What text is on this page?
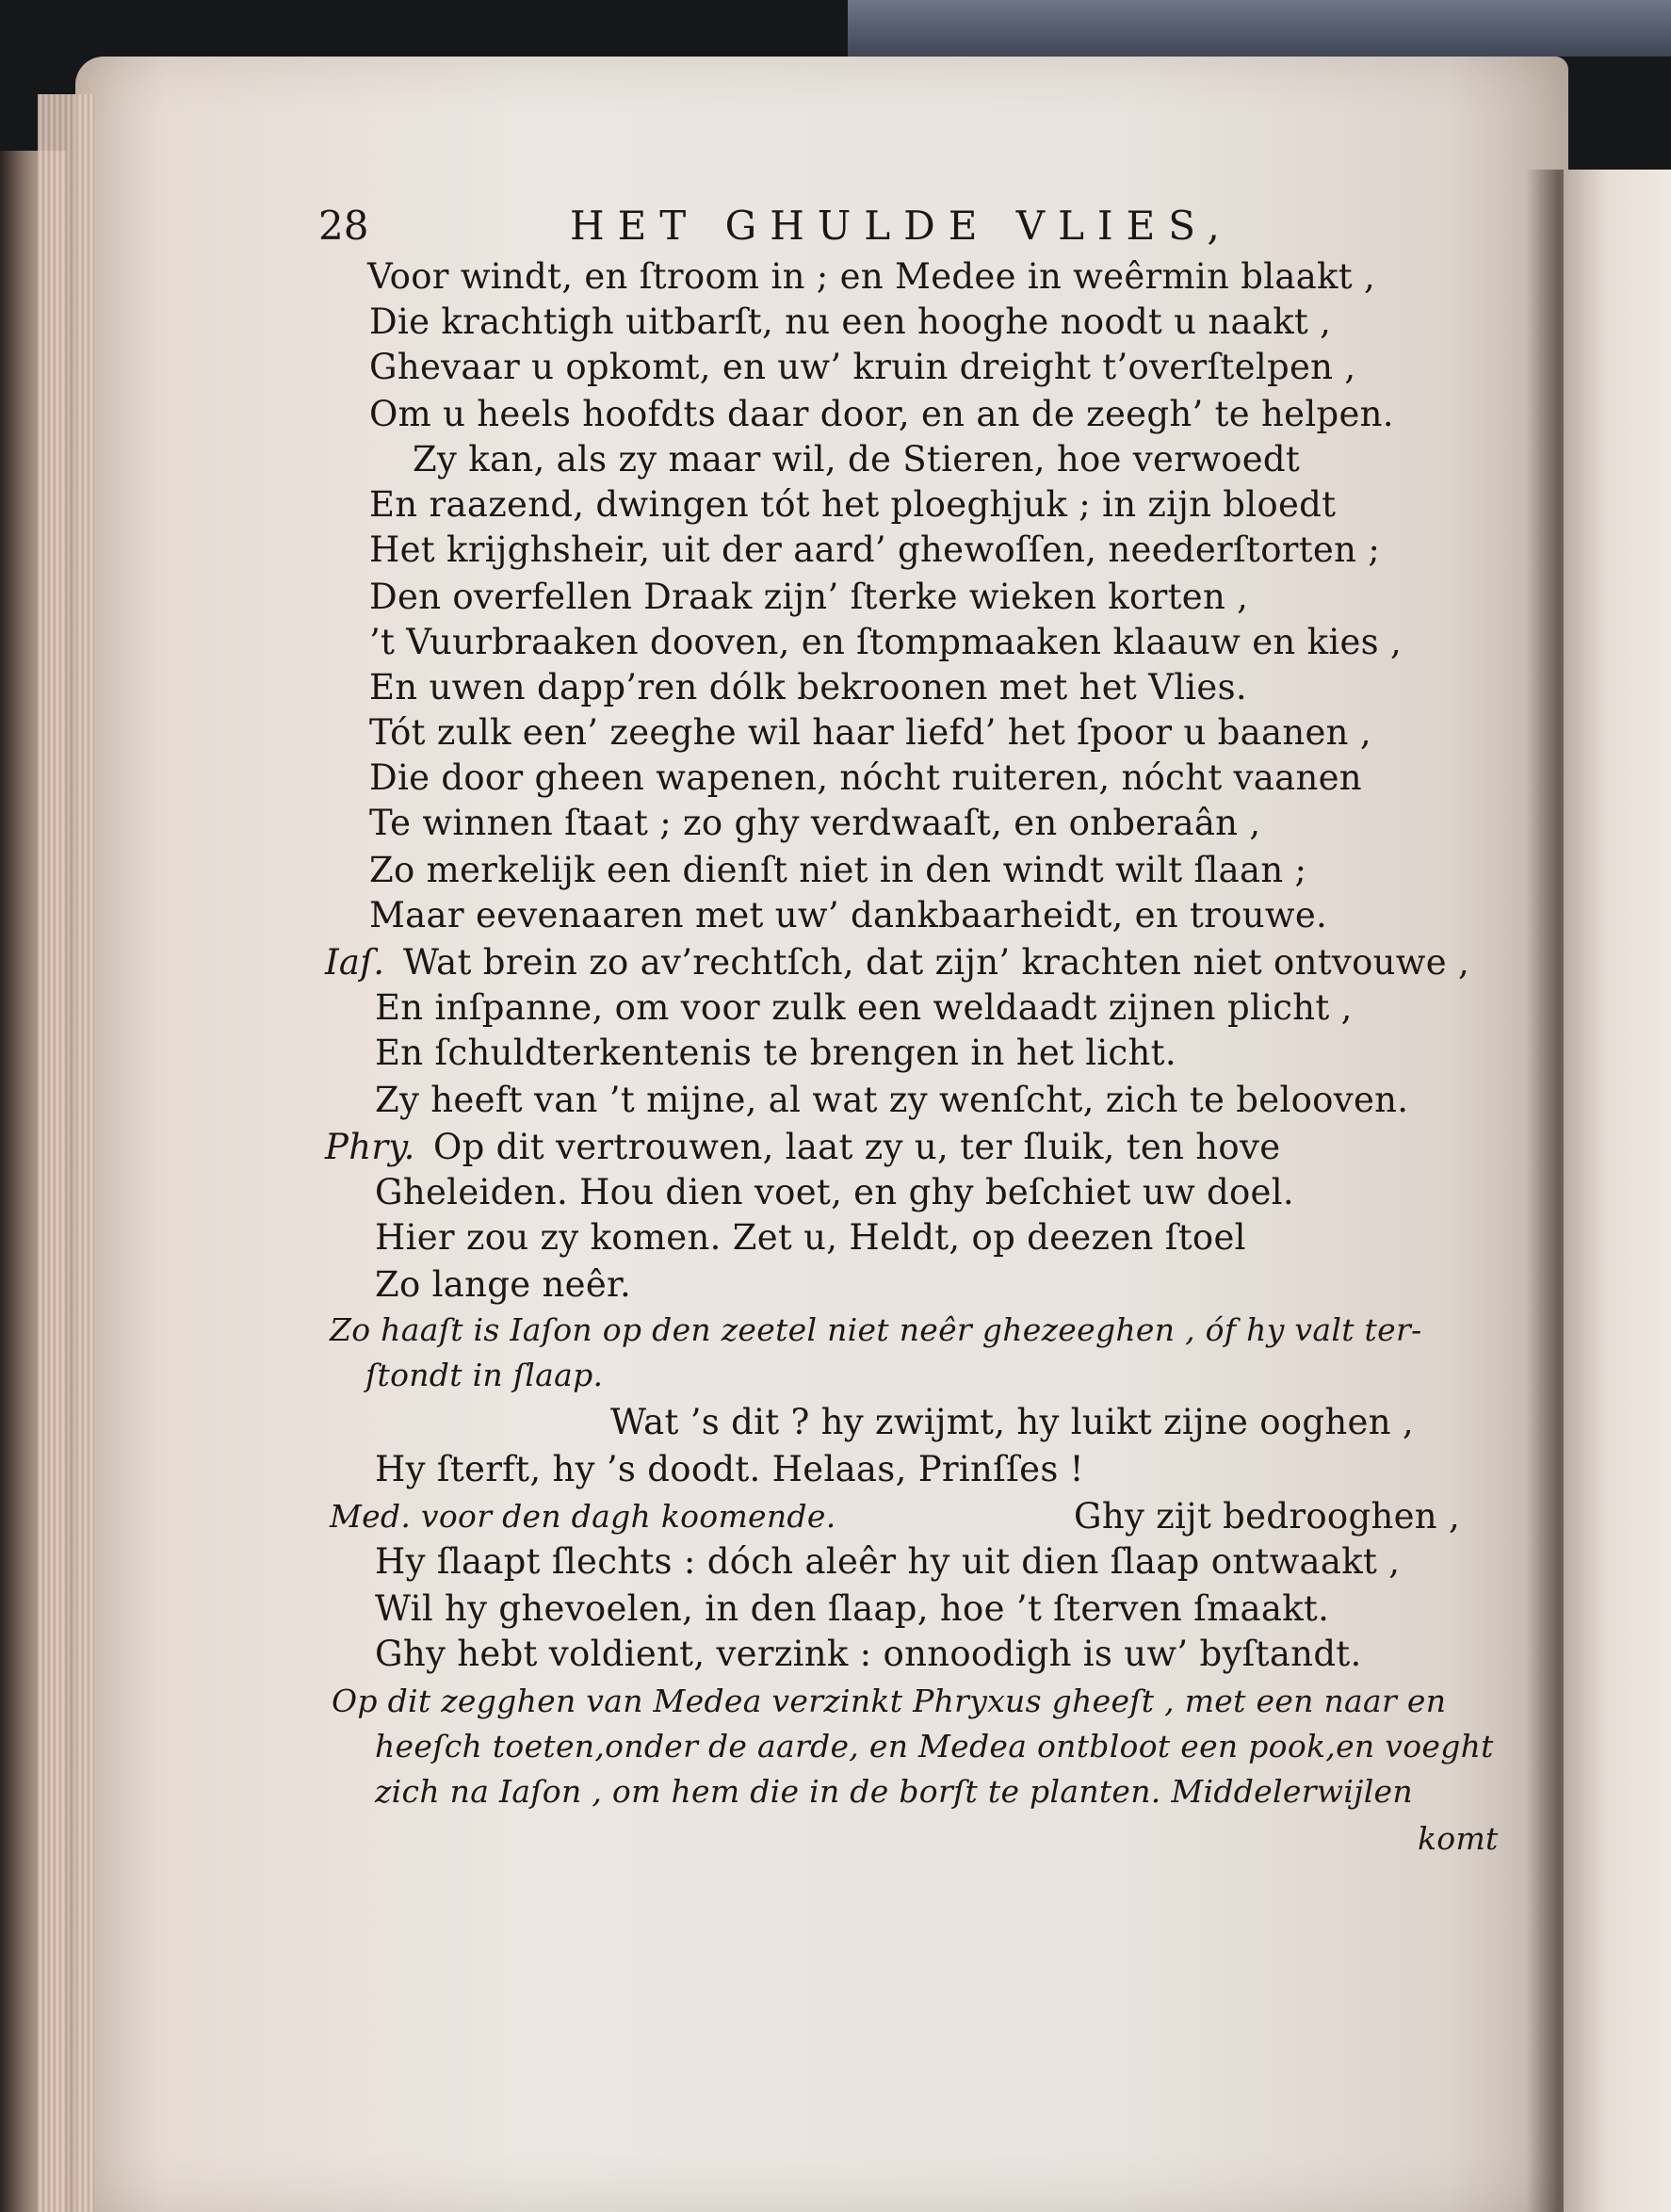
28	HET GHULDE VLIES,
Voor windt, en ſtroom in ; en Medee in weêrmin blaakt ,
Die krachtigh uitbarſt, nu een hooghe noodt u naakt ,
Ghevaar u opkomt, en uw’ kruin dreight t’overſtelpen ,
Om u heels hoofdts daar door, en an de zeegh’ te helpen.
Zy kan, als zy maar wil, de Stieren, hoe verwoedt
En raazend, dwingen tót het ploeghjuk ; in zijn bloedt
Het krijghsheir, uit der aard’ ghewoſſen, neederſtorten ;
Den overfellen Draak zijn’ ſterke wieken korten ,
’t Vuurbraaken dooven, en ſtompmaaken klaauw en kies ,
En uwen dapp’ren dólk bekroonen met het Vlies.
Tót zulk een’ zeeghe wil haar liefd’ het ſpoor u baanen ,
Die door gheen wapenen, nócht ruiteren, nócht vaanen
Te winnen ſtaat ; zo ghy verdwaaſt, en onberaân ,
Zo merkelijk een dienſt niet in den windt wilt ſlaan ;
Maar eevenaaren met uw’ dankbaarheidt, en trouwe.
Iaſ. Wat brein zo av’rechtſch, dat zijn’ krachten niet ontvouwe ,
En inſpanne, om voor zulk een weldaadt zijnen plicht ,
En ſchuldterkentenis te brengen in het licht.
Zy heeft van ’t mijne, al wat zy wenſcht, zich te belooven.
Phry. Op dit vertrouwen, laat zy u, ter ſluik, ten hove
Gheleiden. Hou dien voet, en ghy beſchiet uw doel.
Hier zou zy komen. Zet u, Heldt, op deezen ſtoel
Zo lange neêr.
Zo haaſt is Iaſon op den zeetel niet neêr ghezeeghen , óf hy valt ter-
ſtondt in ſlaap.
Wat ’s dit ? hy zwijmt, hy luikt zijne ooghen ,
Hy ſterft, hy ’s doodt. Helaas, Prinſſes !
Med. voor den dagh koomende.	Ghy zijt bedrooghen ,
Hy ſlaapt ſlechts : dóch aleêr hy uit dien ſlaap ontwaakt ,
Wil hy ghevoelen, in den ſlaap, hoe ’t ſterven ſmaakt.
Ghy hebt voldient, verzink : onnoodigh is uw’ byſtandt.
Op dit zegghen van Medea verzinkt Phryxus gheeſt , met een naar en
heeſch toeten,onder de aarde, en Medea ontbloot een pook,en voeght
zich na Iaſon , om hem die in de borſt te planten. Middelerwijlen
komt
